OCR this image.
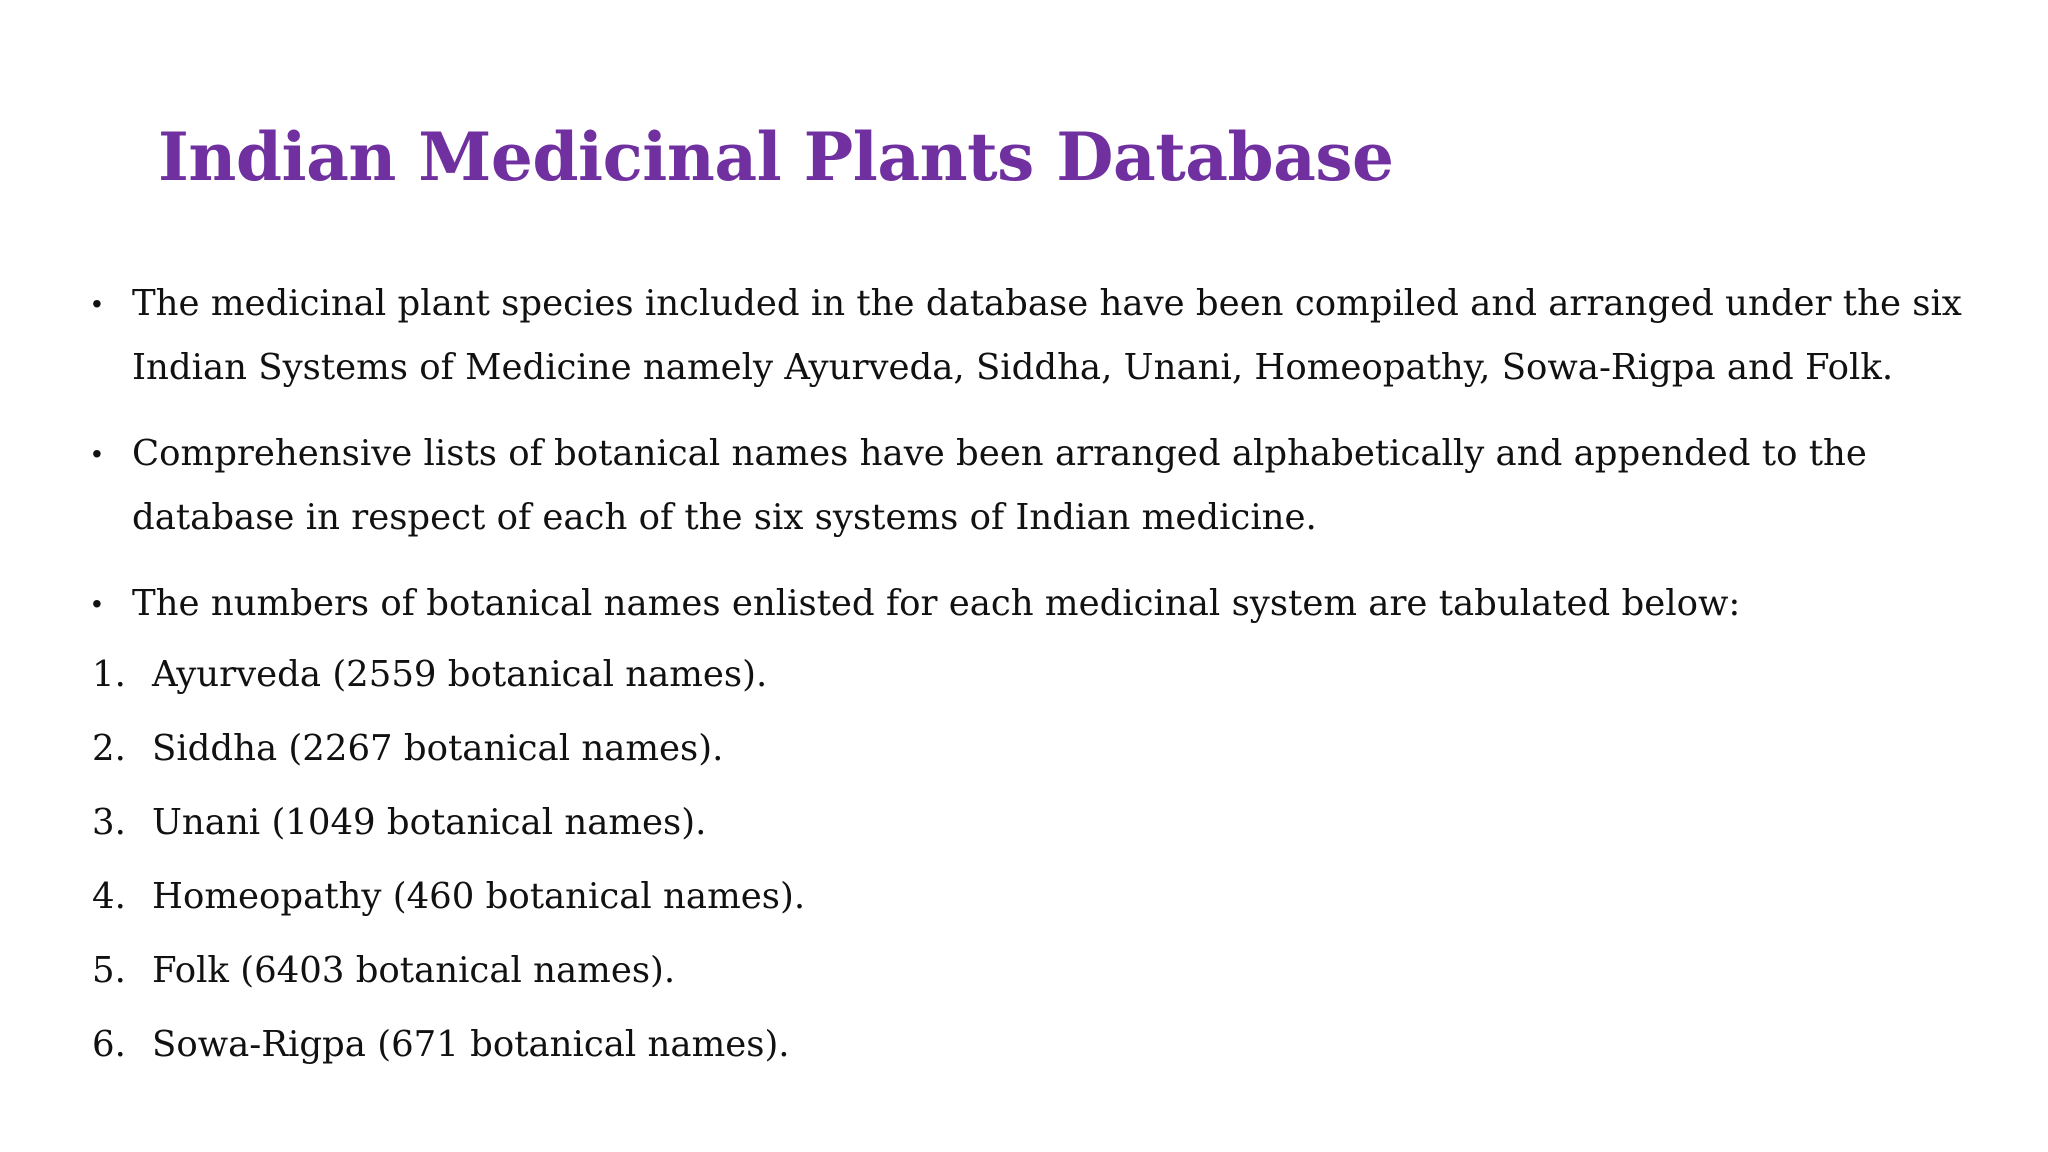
Indian Medicinal Plants Database
• The medicinal plant species included in the database have been compiled and arranged under the six Indian Systems of Medicine namely Ayurveda, Siddha, Unani, Homeopathy, Sowa-Rigpa and Folk.
• Comprehensive lists of botanical names have been arranged alphabetically and appended to the database in respect of each of the six systems of Indian medicine.
• The numbers of botanical names enlisted for each medicinal system are tabulated below:
1. Ayurveda (2559 botanical names).
2. Siddha (2267 botanical names).
3. Unani (1049 botanical names).
4. Homeopathy (460 botanical names).
5. Folk (6403 botanical names).
6. Sowa-Rigpa (671 botanical names).
